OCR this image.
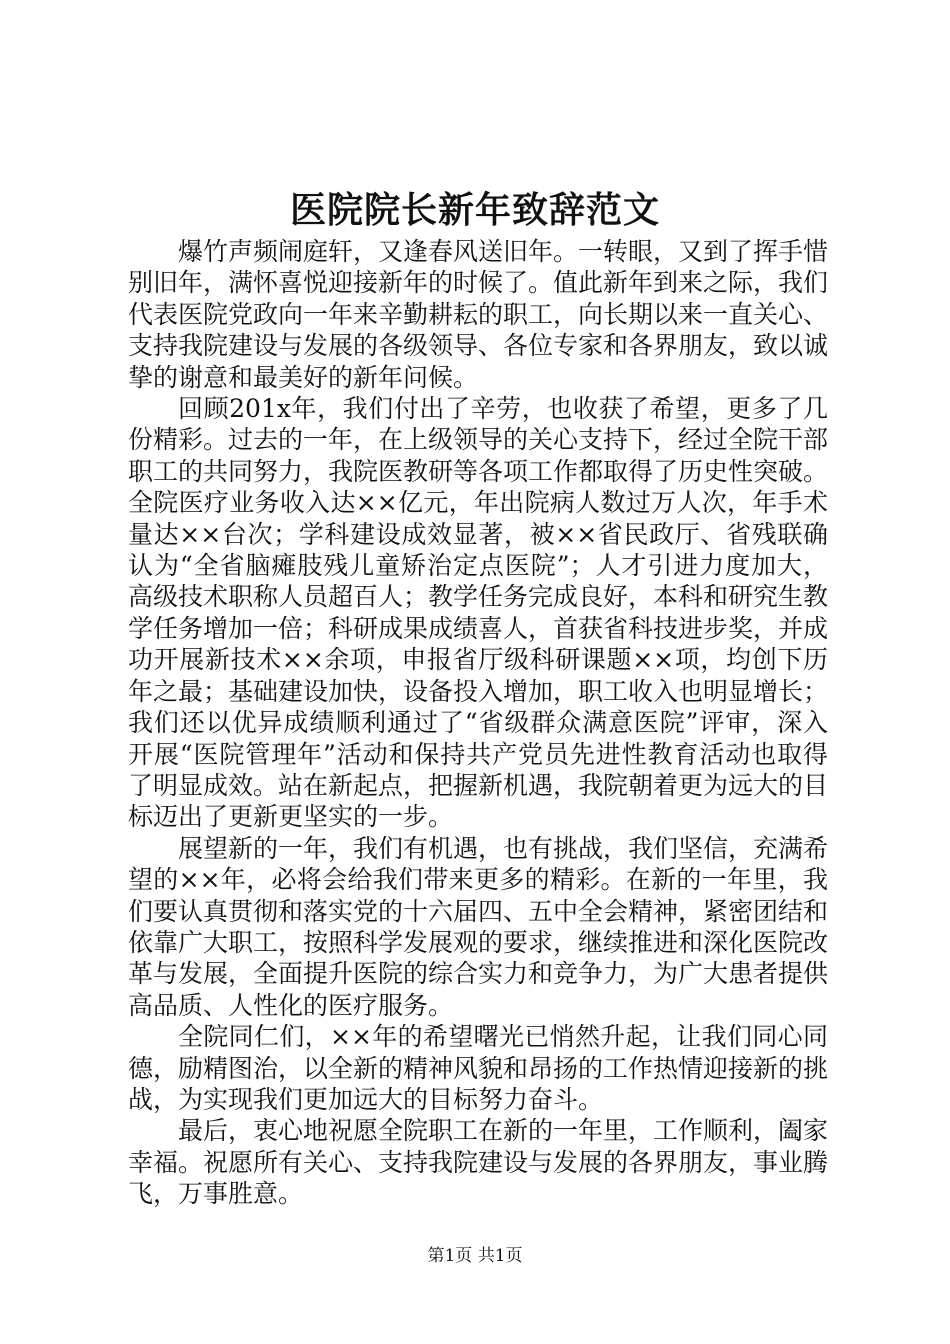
医院院长新年致辞范文

爆竹声频闹庭轩，又逢春风送旧年。一转眼，又到了挥手惜别旧年，满怀喜悦迎接新年的时候了。值此新年到来之际，我们代表医院党政向一年来辛勤耕耘的职工，向长期以来一直关心、支持我院建设与发展的各级领导、各位专家和各界朋友，致以诚挚的谢意和最美好的新年问候。

回顾201x年，我们付出了辛劳，也收获了希望，更多了几份精彩。过去的一年，在上级领导的关心支持下，经过全院干部职工的共同努力，我院医教研等各项工作都取得了历史性突破。全院医疗业务收入达××亿元，年出院病人数过万人次，年手术量达××台次；学科建设成效显著，被××省民政厅、省残联确认为“全省脑瘫肢残儿童矫治定点医院”；人才引进力度加大，高级技术职称人员超百人；教学任务完成良好，本科和研究生教学任务增加一倍；科研成果成绩喜人，首获省科技进步奖，并成功开展新技术××余项，申报省厅级科研课题××项，均创下历年之最；基础建设加快，设备投入增加，职工收入也明显增长；我们还以优异成绩顺利通过了“省级群众满意医院”评审，深入开展“医院管理年”活动和保持共产党员先进性教育活动也取得了明显成效。站在新起点，把握新机遇，我院朝着更为远大的目标迈出了更新更坚实的一步。

展望新的一年，我们有机遇，也有挑战，我们坚信，充满希望的××年，必将会给我们带来更多的精彩。在新的一年里，我们要认真贯彻和落实党的十六届四、五中全会精神，紧密团结和依靠广大职工，按照科学发展观的要求，继续推进和深化医院改革与发展，全面提升医院的综合实力和竞争力，为广大患者提供高品质、人性化的医疗服务。

全院同仁们，××年的希望曙光已悄然升起，让我们同心同德，励精图治，以全新的精神风貌和昂扬的工作热情迎接新的挑战，为实现我们更加远大的目标努力奋斗。

最后，衷心地祝愿全院职工在新的一年里，工作顺利，阖家幸福。祝愿所有关心、支持我院建设与发展的各界朋友，事业腾飞，万事胜意。

第1页 共1页
